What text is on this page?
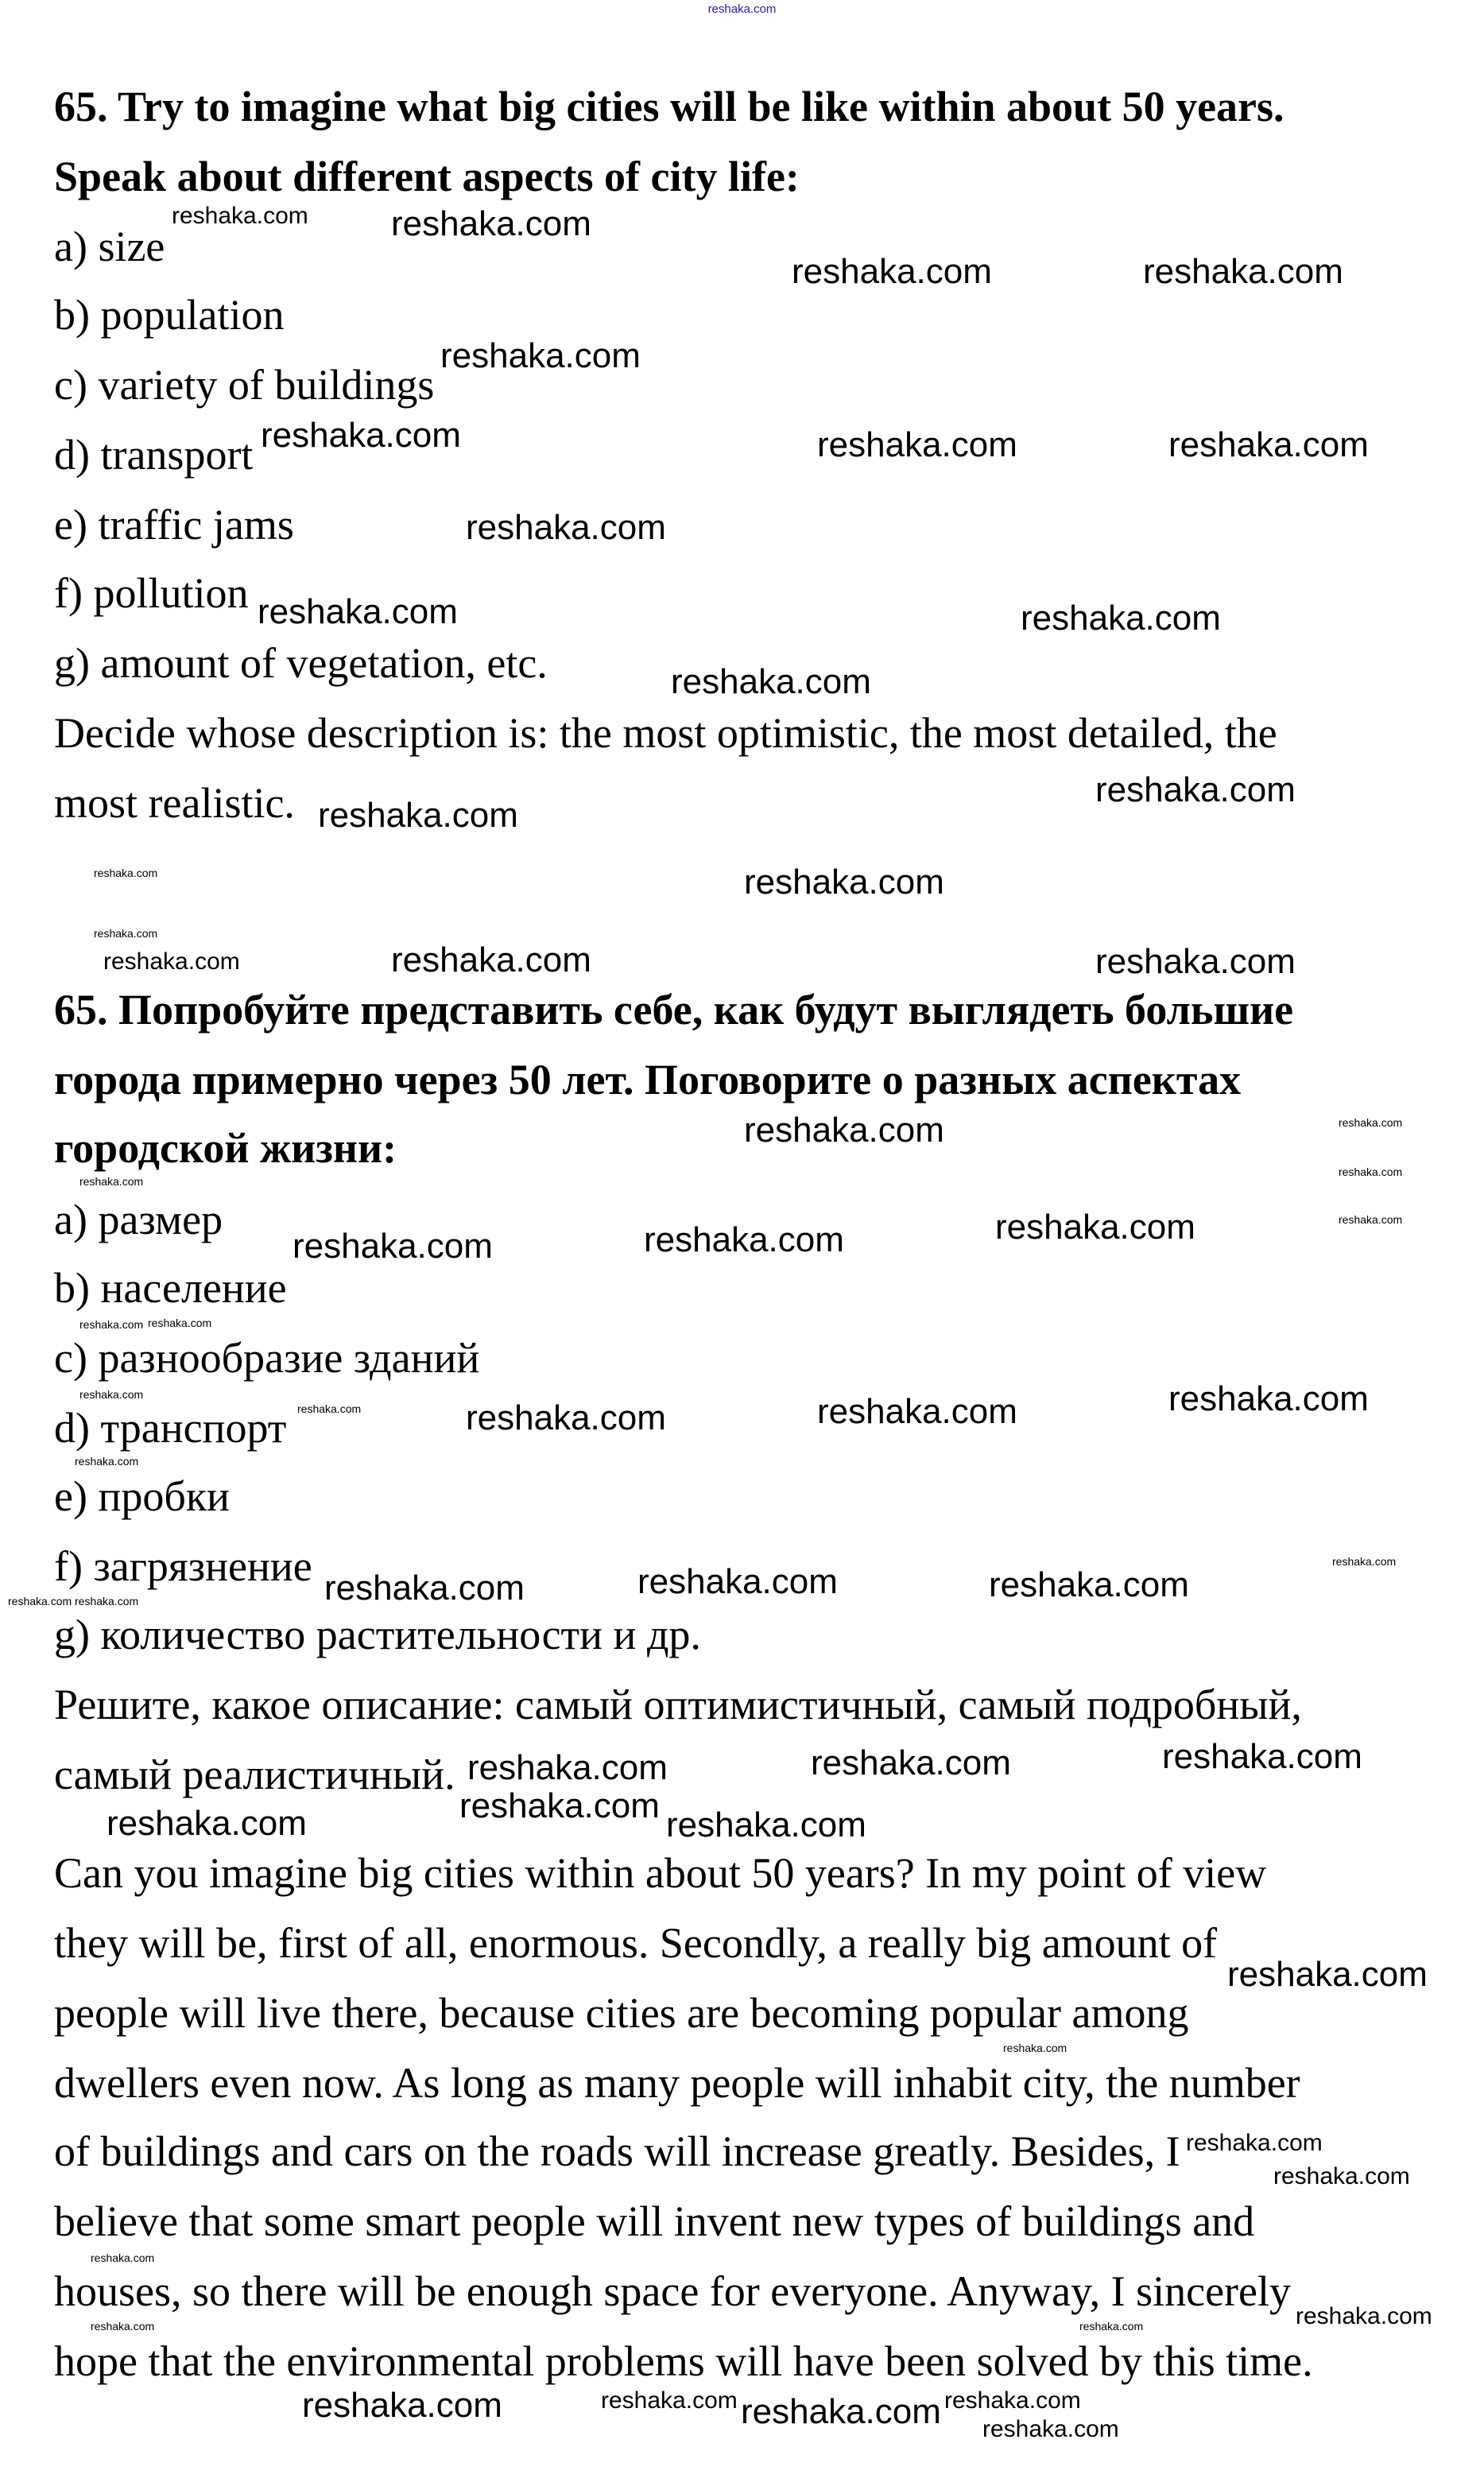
reshaka.com
65. Try to imagine what big cities will be like within about 50 years.
Speak about different aspects of city life:
a) size
b) population
c) variety of buildings
d) transport
e) traffic jams
f) pollution
g) amount of vegetation, etc.
Decide whose description is: the most optimistic, the most detailed, the
most realistic.
65. Попробуйте представить себе, как будут выглядеть большие
города примерно через 50 лет. Поговорите о разных аспектах
городской жизни:
a) размер
b) население
c) разнообразие зданий
d) транспорт
e) пробки
f) загрязнение
g) количество растительности и др.
Решите, какое описание: самый оптимистичный, самый подробный,
самый реалистичный.
Can you imagine big cities within about 50 years? In my point of view
they will be, first of all, enormous. Secondly, a really big amount of
people will live there, because cities are becoming popular among
dwellers even now. As long as many people will inhabit city, the number
of buildings and cars on the roads will increase greatly. Besides, I
believe that some smart people will invent new types of buildings and
houses, so there will be enough space for everyone. Anyway, I sincerely
hope that the environmental problems will have been solved by this time.
reshaka.com
reshaka.com
reshaka.com	reshaka.com
reshaka.com
reshaka.com	reshaka.com	reshaka.com
reshaka.com
reshaka.com	reshaka.com
reshaka.com
reshaka.com
reshaka.com
reshaka.com
reshaka.com
reshaka.com
reshaka.com
reshaka.com
reshaka.com	reshaka.com	reshaka.com
reshaka.com	reshaka.com	reshaka.com
reshaka.com	reshaka.com	reshaka.com
reshaka.com	reshaka.com
reshaka.com	reshaka.com reshaka.com
reshaka.com
reshaka.com
reshaka.com
reshaka.com
reshaka.com
reshaka.com
reshaka.com
reshaka.com
reshaka.com
reshaka.com
reshaka.com
reshaka.com
reshaka.com
reshaka.com
reshaka.com
reshaka.com
reshaka.com
reshaka.com
reshaka.com
reshaka.com
reshaka.com
reshaka.com
reshaka.com	reshaka.com
reshaka.com
reshaka.com	reshaka.com
reshaka.com
